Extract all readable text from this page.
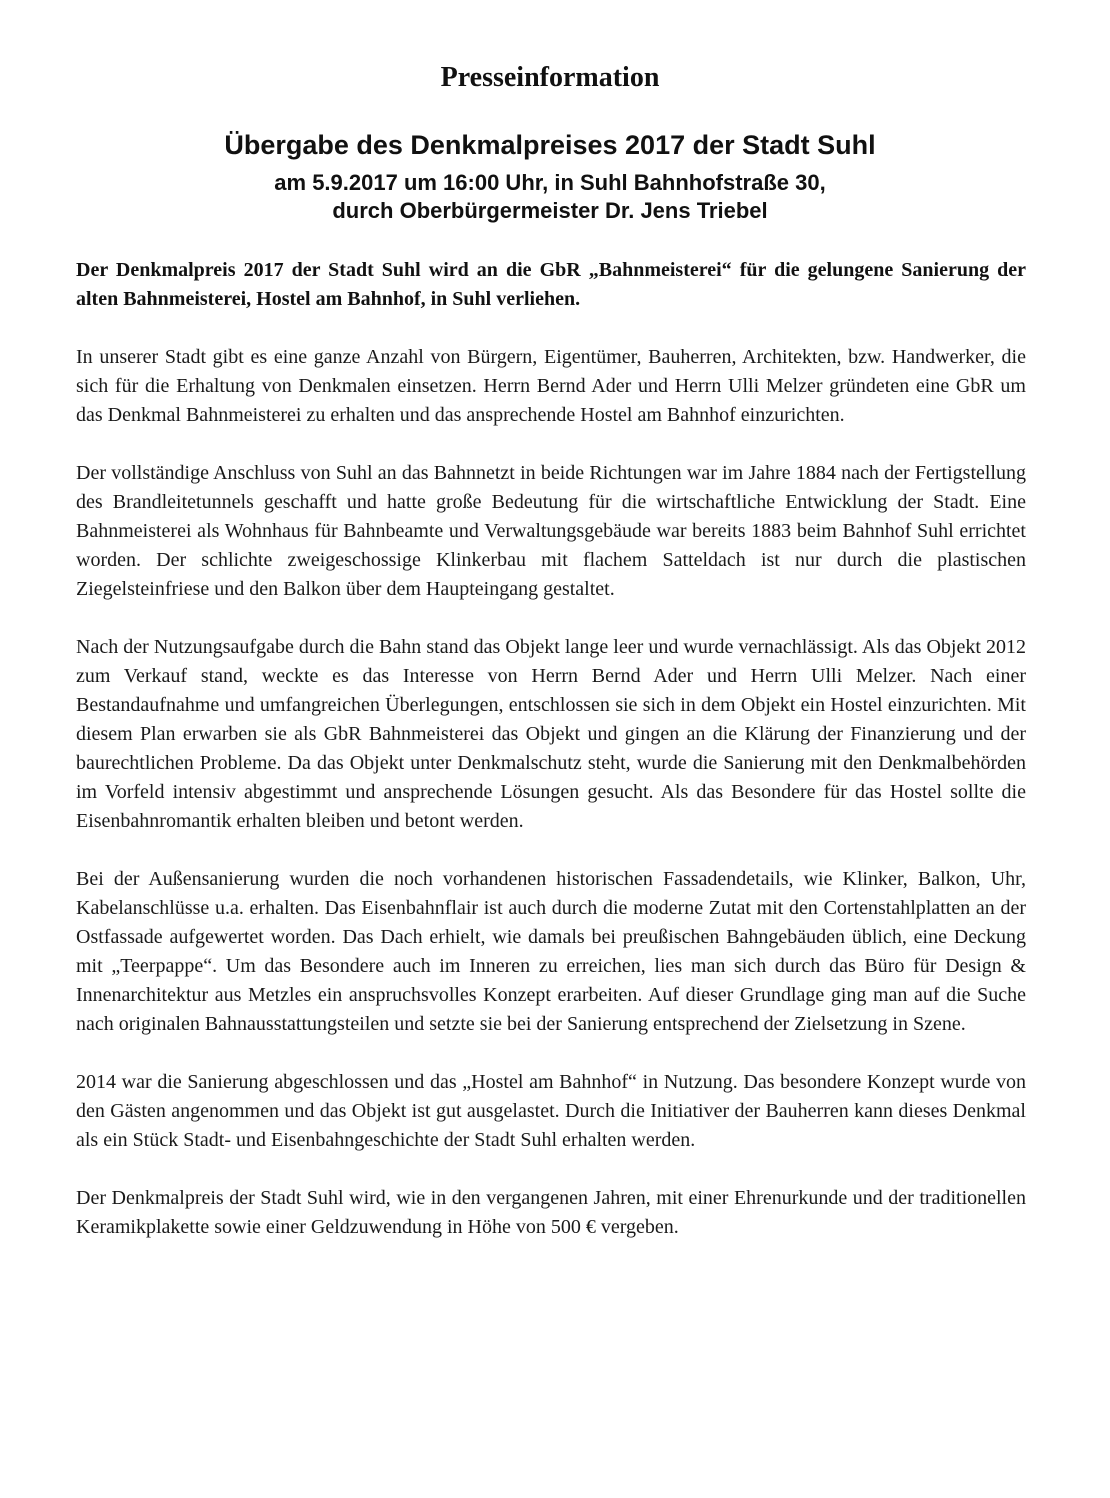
Presseinformation
Übergabe des Denkmalpreises 2017 der Stadt Suhl
am 5.9.2017 um 16:00 Uhr, in Suhl Bahnhofstraße 30,
durch Oberbürgermeister Dr. Jens Triebel

Der Denkmalpreis 2017 der Stadt Suhl wird an die GbR „Bahnmeisterei“ für die gelungene Sanierung der alten Bahnmeisterei, Hostel am Bahnhof, in Suhl verliehen.

In unserer Stadt gibt es eine ganze Anzahl von Bürgern, Eigentümer, Bauherren, Architekten, bzw. Handwerker, die sich für die Erhaltung von Denkmalen einsetzen. Herrn Bernd Ader und Herrn Ulli Melzer gründeten eine GbR um das Denkmal Bahnmeisterei zu erhalten und das ansprechende Hostel am Bahnhof einzurichten.

Der vollständige Anschluss von Suhl an das Bahnnetzt in beide Richtungen war im Jahre 1884 nach der Fertigstellung des Brandleitetunnels geschafft und hatte große Bedeutung für die wirtschaftliche Entwicklung der Stadt. Eine Bahnmeisterei als Wohnhaus für Bahnbeamte und Verwaltungsgebäude war bereits 1883 beim Bahnhof Suhl errichtet worden. Der schlichte zweigeschossige Klinkerbau mit flachem Satteldach ist nur durch die plastischen Ziegelsteinfriese und den Balkon über dem Haupteingang gestaltet.

Nach der Nutzungsaufgabe durch die Bahn stand das Objekt lange leer und wurde vernachlässigt. Als das Objekt 2012 zum Verkauf stand, weckte es das Interesse von Herrn Bernd Ader und Herrn Ulli Melzer. Nach einer Bestandaufnahme und umfangreichen Überlegungen, entschlossen sie sich in dem Objekt ein Hostel einzurichten. Mit diesem Plan erwarben sie als GbR Bahnmeisterei das Objekt und gingen an die Klärung der Finanzierung und der baurechtlichen Probleme. Da das Objekt unter Denkmalschutz steht, wurde die Sanierung mit den Denkmalbehörden im Vorfeld intensiv abgestimmt und ansprechende Lösungen gesucht. Als das Besondere für das Hostel sollte die Eisenbahnromantik erhalten bleiben und betont werden.

Bei der Außensanierung wurden die noch vorhandenen historischen Fassadendetails, wie Klinker, Balkon, Uhr, Kabelanschlüsse u.a. erhalten. Das Eisenbahnflair ist auch durch die moderne Zutat mit den Cortenstahlplatten an der Ostfassade aufgewertet worden. Das Dach erhielt, wie damals bei preußischen Bahngebäuden üblich, eine Deckung mit „Teerpappe“. Um das Besondere auch im Inneren zu erreichen, lies man sich durch das Büro für Design & Innenarchitektur aus Metzles ein anspruchsvolles Konzept erarbeiten. Auf dieser Grundlage ging man auf die Suche nach originalen Bahnausstattungsteilen und setzte sie bei der Sanierung entsprechend der Zielsetzung in Szene.

2014 war die Sanierung abgeschlossen und das „Hostel am Bahnhof“ in Nutzung. Das besondere Konzept wurde von den Gästen angenommen und das Objekt ist gut ausgelastet. Durch die Initiativer der Bauherren kann dieses Denkmal als ein Stück Stadt- und Eisenbahngeschichte der Stadt Suhl erhalten werden.

Der Denkmalpreis der Stadt Suhl wird, wie in den vergangenen Jahren, mit einer Ehrenurkunde und der traditionellen Keramikplakette sowie einer Geldzuwendung in Höhe von 500 € vergeben.
